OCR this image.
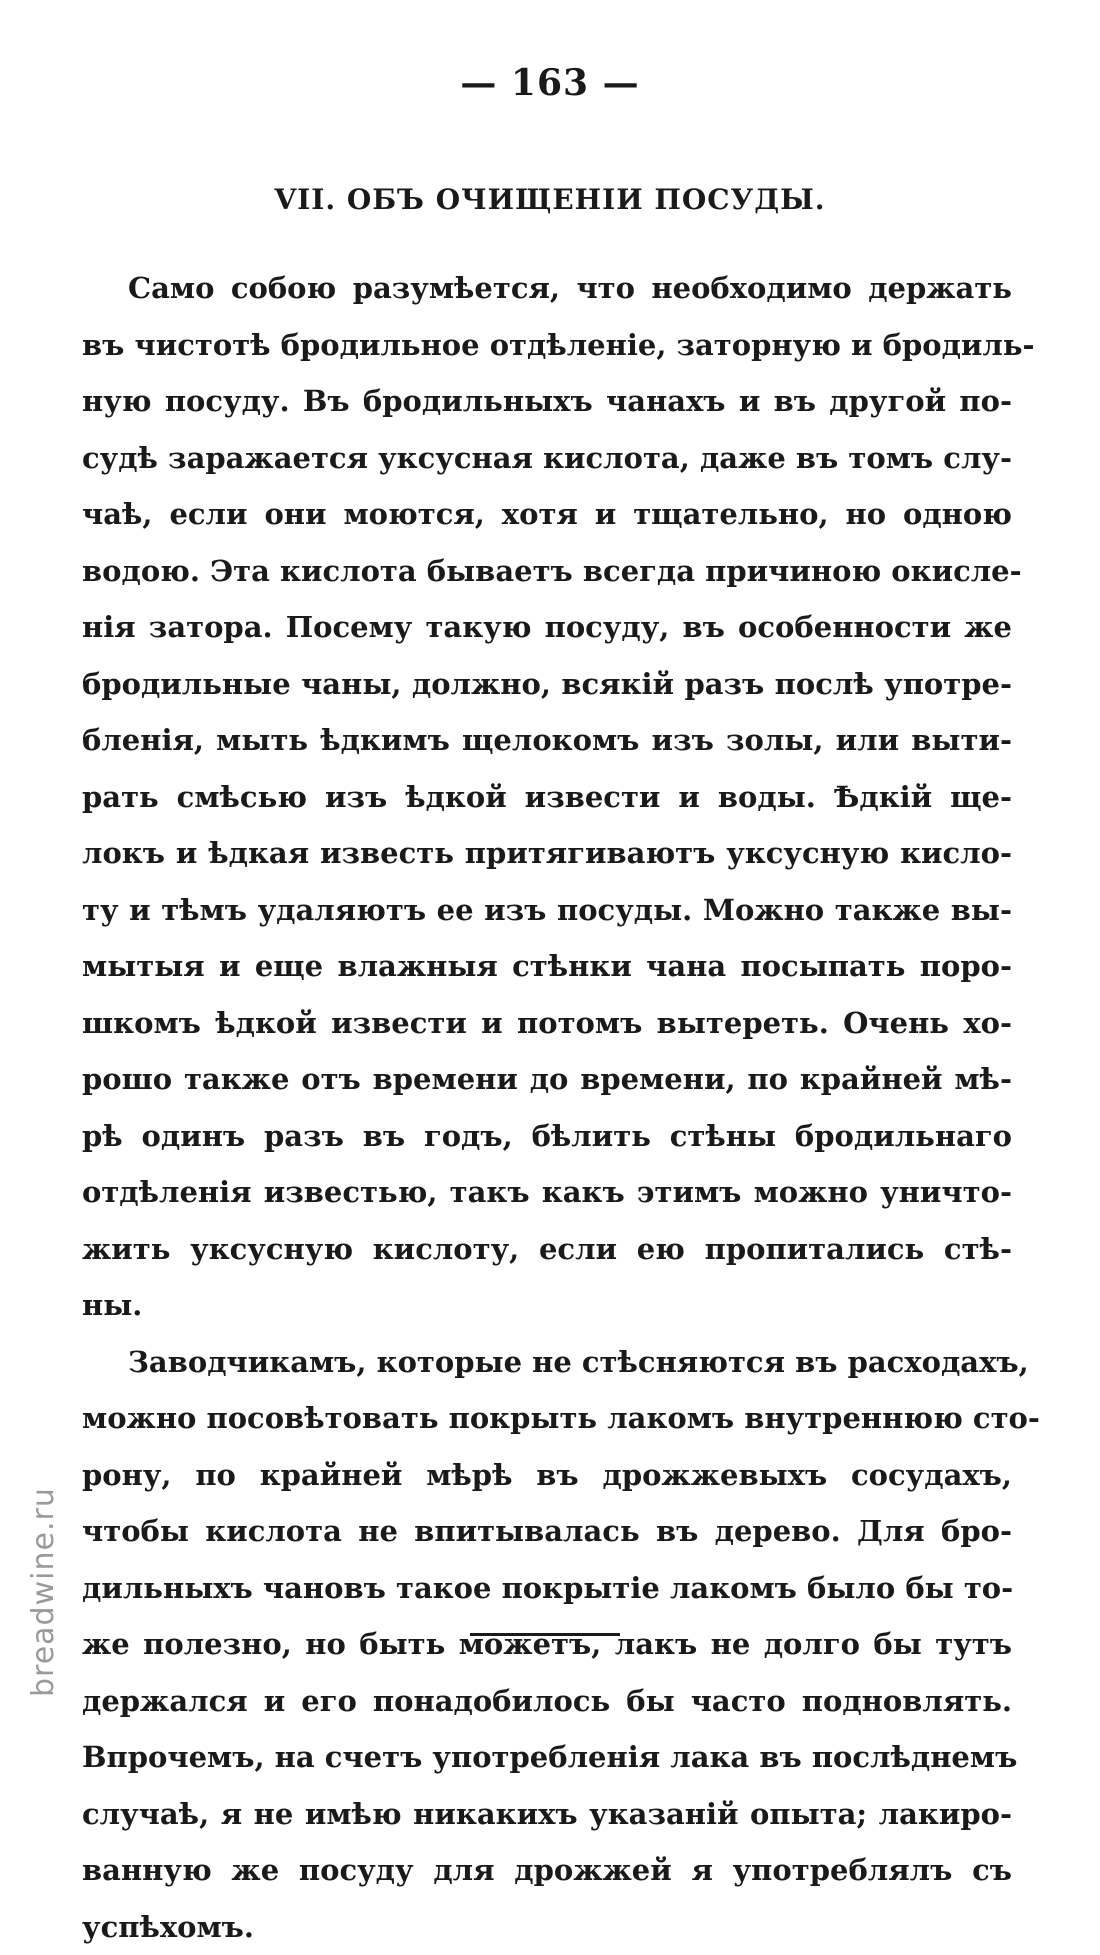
— 163 —
VII. ОБЪ ОЧИЩЕНІИ ПОСУДЫ.
Само собою разумѣется, что необходимо держать
въ чистотѣ бродильное отдѣленіе, заторную и бродиль-
ную посуду. Въ бродильныхъ чанахъ и въ другой по-
судѣ заражается уксусная кислота, даже въ томъ слу-
чаѣ, если они моются, хотя и тщательно, но одною
водою. Эта кислота бываетъ всегда причиною окисле-
нія затора. Посему такую посуду, въ особенности же
бродильные чаны, должно, всякій разъ послѣ употре-
бленія, мыть ѣдкимъ щелокомъ изъ золы, или выти-
рать смѣсью изъ ѣдкой извести и воды. Ѣдкій ще-
локъ и ѣдкая известь притягиваютъ уксусную кисло-
ту и тѣмъ удаляютъ ее изъ посуды. Можно также вы-
мытыя и еще влажныя стѣнки чана посыпать поро-
шкомъ ѣдкой извести и потомъ вытереть. Очень хо-
рошо также отъ времени до времени, по крайней мѣ-
рѣ одинъ разъ въ годъ, бѣлить стѣны бродильнаго
отдѣленія известью, такъ какъ этимъ можно уничто-
жить уксусную кислоту, если ею пропитались стѣ-
ны.
Заводчикамъ, которые не стѣсняются въ расходахъ,
можно посовѣтовать покрыть лакомъ внутреннюю сто-
рону, по крайней мѣрѣ въ дрожжевыхъ сосудахъ,
чтобы кислота не впитывалась въ дерево. Для бро-
дильныхъ чановъ такое покрытіе лакомъ было бы то-
же полезно, но быть можетъ, лакъ не долго бы тутъ
держался и его понадобилось бы часто подновлять.
Впрочемъ, на счетъ употребленія лака въ послѣднемъ
случаѣ, я не имѣю никакихъ указаній опыта; лакиро-
ванную же посуду для дрожжей я употреблялъ съ
успѣхомъ.
breadwine.ru
